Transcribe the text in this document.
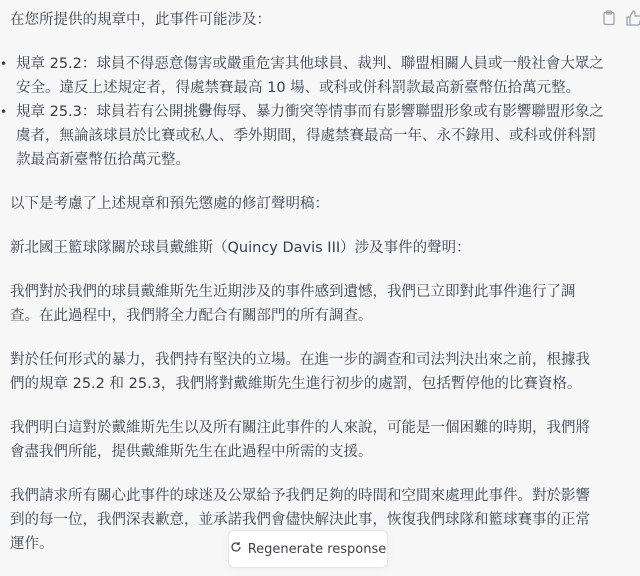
在您所提供的規章中，此事件可能涉及：
• 規章 25.2：球員不得惡意傷害或嚴重危害其他球員、裁判、聯盟相關人員或一般社會大眾之
安全。違反上述規定者，得處禁賽最高 10 場、或科或併科罰款最高新臺幣伍拾萬元整。
• 規章 25.3：球員若有公開挑釁侮辱、暴力衝突等情事而有影響聯盟形象或有影響聯盟形象之
虞者，無論該球員於比賽或私人、季外期間，得處禁賽最高一年、永不錄用、或科或併科罰
款最高新臺幣伍拾萬元整。
以下是考慮了上述規章和預先懲處的修訂聲明稿：
新北國王籃球隊關於球員戴維斯（Quincy Davis III）涉及事件的聲明：
我們對於我們的球員戴維斯先生近期涉及的事件感到遺憾，我們已立即對此事件進行了調
查。在此過程中，我們將全力配合有關部門的所有調查。
對於任何形式的暴力，我們持有堅決的立場。在進一步的調查和司法判決出來之前，根據我
們的規章 25.2 和 25.3，我們將對戴維斯先生進行初步的處罰，包括暫停他的比賽資格。
我們明白這對於戴維斯先生以及所有關注此事件的人來說，可能是一個困難的時期，我們將
會盡我們所能，提供戴維斯先生在此過程中所需的支援。
我們請求所有關心此事件的球迷及公眾給予我們足夠的時間和空間來處理此事件。對於影響
到的每一位，我們深表歉意，並承諾我們會儘快解決此事，恢復我們球隊和籃球賽事的正常
運作。	Regenerate response
